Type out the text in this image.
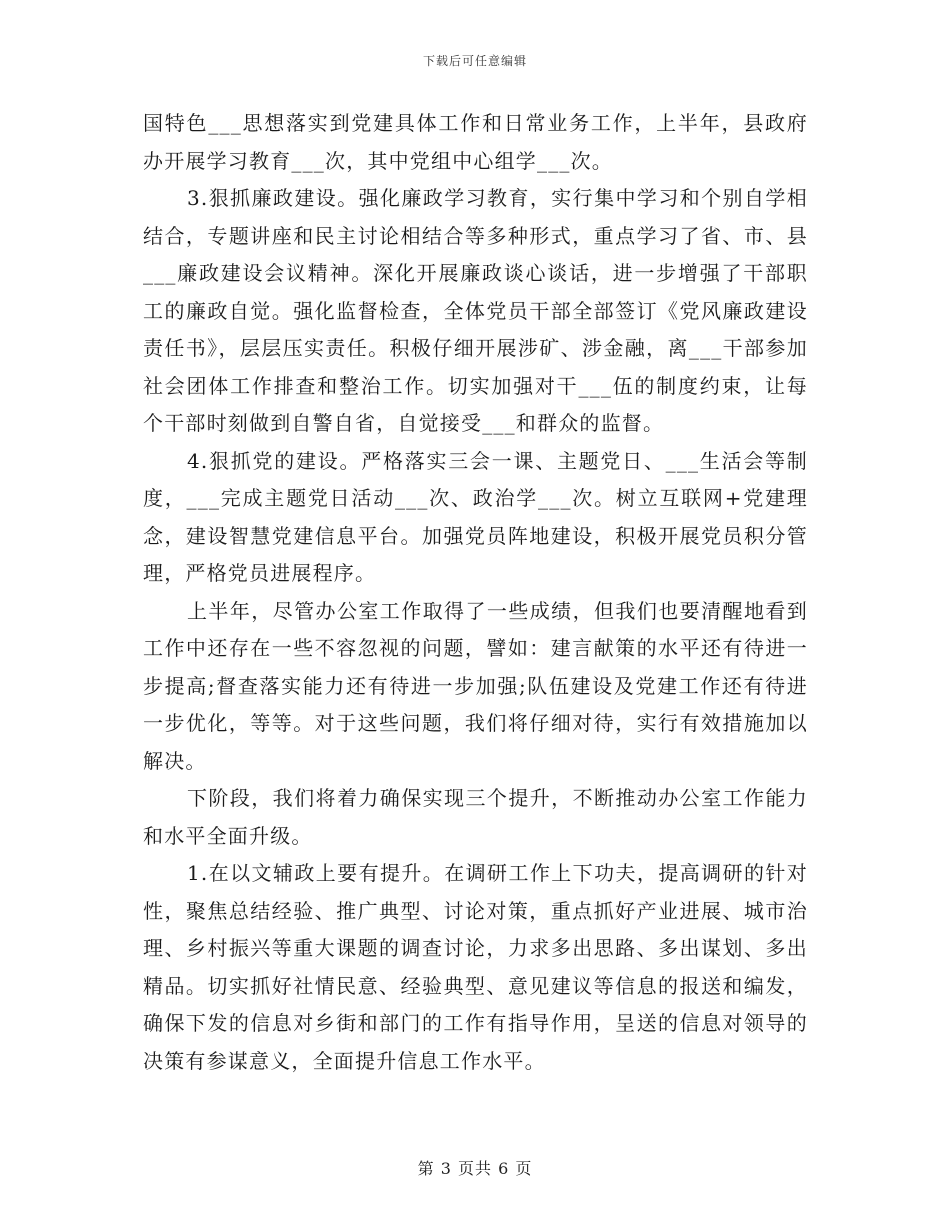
下载后可任意编辑

国特色___思想落实到党建具体工作和日常业务工作，上半年，县政府办开展学习教育___次，其中党组中心组学___次。

3.狠抓廉政建设。强化廉政学习教育，实行集中学习和个别自学相结合，专题讲座和民主讨论相结合等多种形式，重点学习了省、市、县___廉政建设会议精神。深化开展廉政谈心谈话，进一步增强了干部职工的廉政自觉。强化监督检查，全体党员干部全部签订《党风廉政建设责任书》，层层压实责任。积极仔细开展涉矿、涉金融，离___干部参加社会团体工作排查和整治工作。切实加强对干___伍的制度约束，让每个干部时刻做到自警自省，自觉接受___和群众的监督。

4.狠抓党的建设。严格落实三会一课、主题党日、___生活会等制度，___完成主题党日活动___次、政治学___次。树立互联网+党建理念，建设智慧党建信息平台。加强党员阵地建设，积极开展党员积分管理，严格党员进展程序。

上半年，尽管办公室工作取得了一些成绩，但我们也要清醒地看到工作中还存在一些不容忽视的问题，譬如：建言献策的水平还有待进一步提高;督查落实能力还有待进一步加强;队伍建设及党建工作还有待进一步优化，等等。对于这些问题，我们将仔细对待，实行有效措施加以解决。

下阶段，我们将着力确保实现三个提升，不断推动办公室工作能力和水平全面升级。

1.在以文辅政上要有提升。在调研工作上下功夫，提高调研的针对性，聚焦总结经验、推广典型、讨论对策，重点抓好产业进展、城市治理、乡村振兴等重大课题的调查讨论，力求多出思路、多出谋划、多出精品。切实抓好社情民意、经验典型、意见建议等信息的报送和编发，确保下发的信息对乡街和部门的工作有指导作用，呈送的信息对领导的决策有参谋意义，全面提升信息工作水平。

第 3 页共 6 页
